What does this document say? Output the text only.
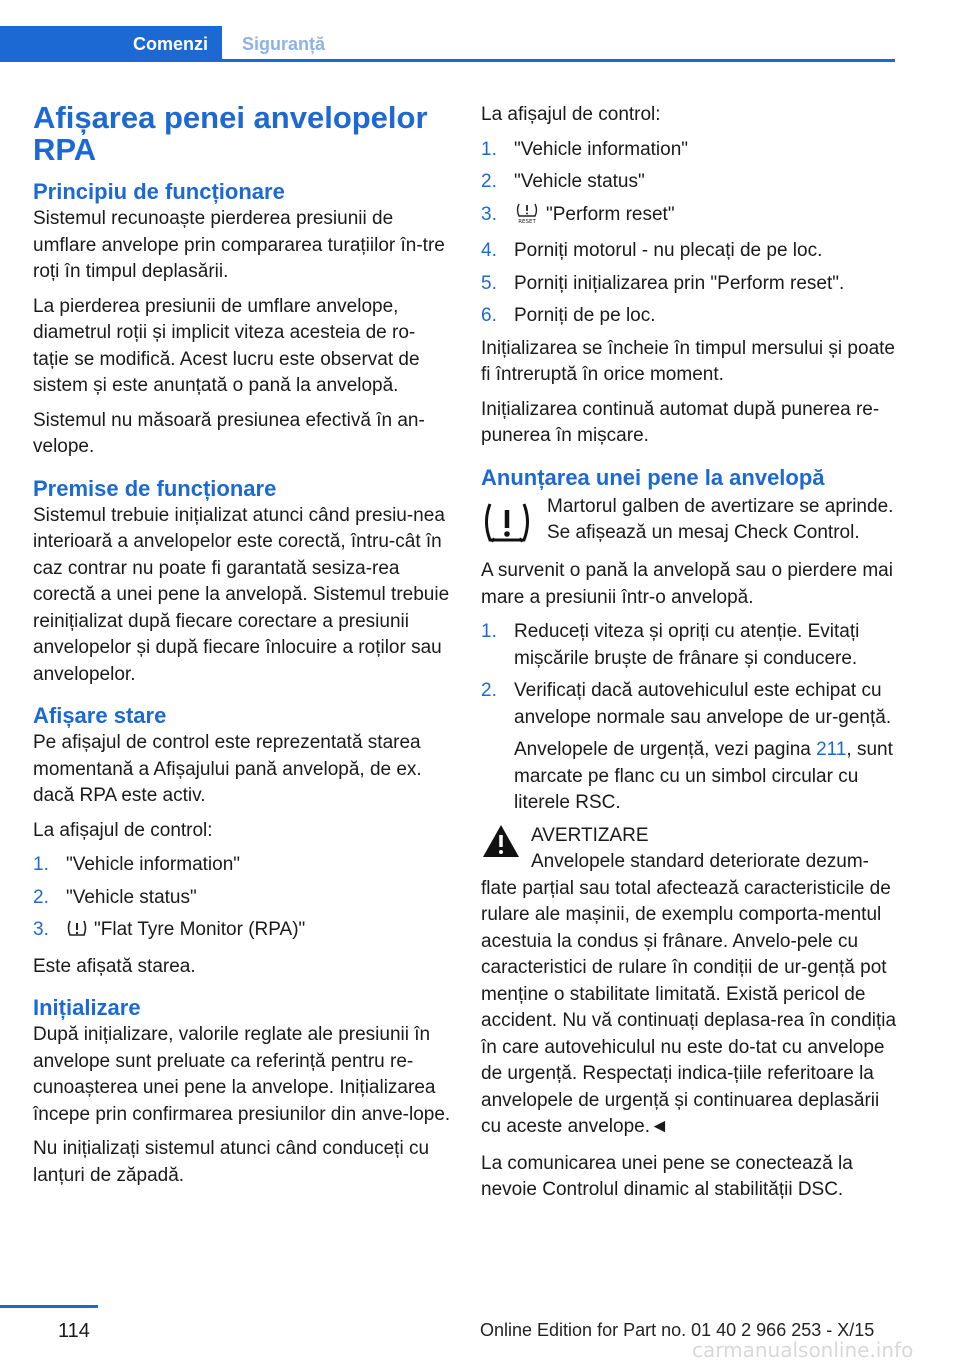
Comenzi	Siguranță
Afișarea penei anvelopelor RPA
Principiu de funcționare

Sistemul recunoaște pierderea presiunii de umflare anvelope prin compararea turațiilor în‐tre roți în timpul deplasării.

La pierderea presiunii de umflare anvelope, diametrul roții și implicit viteza acesteia de ro‐tație se modifică. Acest lucru este observat de sistem și este anunțată o pană la anvelopă.

Sistemul nu măsoară presiunea efectivă în an‐velope.

Premise de funcționare

Sistemul trebuie inițializat atunci când presiu‐nea interioară a anvelopelor este corectă, întru‐cât în caz contrar nu poate fi garantată sesiza‐rea corectă a unei pene la anvelopă. Sistemul trebuie reinițializat după fiecare corectare a presiunii anvelopelor și după fiecare înlocuire a roților sau anvelopelor.

Afișare stare

Pe afișajul de control este reprezentată starea momentană a Afișajului pană anvelopă, de ex. dacă RPA este activ.

La afișajul de control:

1. "Vehicle information"
2. "Vehicle status"
3.	"Flat Tyre Monitor (RPA)"

Este afișată starea.

Inițializare

După inițializare, valorile reglate ale presiunii în anvelope sunt preluate ca referință pentru re‐cunoașterea unei pene la anvelope. Inițializarea începe prin confirmarea presiunilor din anve‐lope.

Nu inițializați sistemul atunci când conduceți cu lanțuri de zăpadă.

La afișajul de control:

1. "Vehicle information"
2. "Vehicle status"
3.	RESET "Perform reset"
4. Porniți motorul - nu plecați de pe loc.
5. Porniți inițializarea prin "Perform reset".
6. Porniți de pe loc.

Inițializarea se încheie în timpul mersului și poate fi întreruptă în orice moment.

Inițializarea continuă automat după punerea re‐punerea în mișcare.

Anunțarea unei pene la anvelopă
Martorul galben de avertizare se aprinde. Se afișează un mesaj Check Control.

A survenit o pană la anvelopă sau o pierdere mai mare a presiunii într-o anvelopă.

1. Reduceți viteza și opriți cu atenție. Evitați mișcările bruște de frânare și conducere.
2. Verificați dacă autovehiculul este echipat cu anvelope normale sau anvelope de ur‐gență.
Anvelopele de urgență, vezi pagina 211, sunt marcate pe flanc cu un simbol circular cu literele RSC.
AVERTIZARE
Anvelopele standard deteriorate dezum‐

flate parțial sau total afectează caracteristicile de rulare ale mașinii, de exemplu comporta‐mentul acestuia la condus și frânare. Anvelo‐pele cu caracteristici de rulare în condiții de ur‐gență pot menține o stabilitate limitată. Există pericol de accident. Nu vă continuați deplasa‐rea în condiția în care autovehiculul nu este do‐tat cu anvelope de urgență. Respectați indica‐țiile referitoare la anvelopele de urgență și continuarea deplasării cu aceste anvelope.◄

La comunicarea unei pene se conectează la nevoie Controlul dinamic al stabilității DSC.

114	Online Edition for Part no. 01 40 2 966 253 - X/15
carmanualsonline.info
